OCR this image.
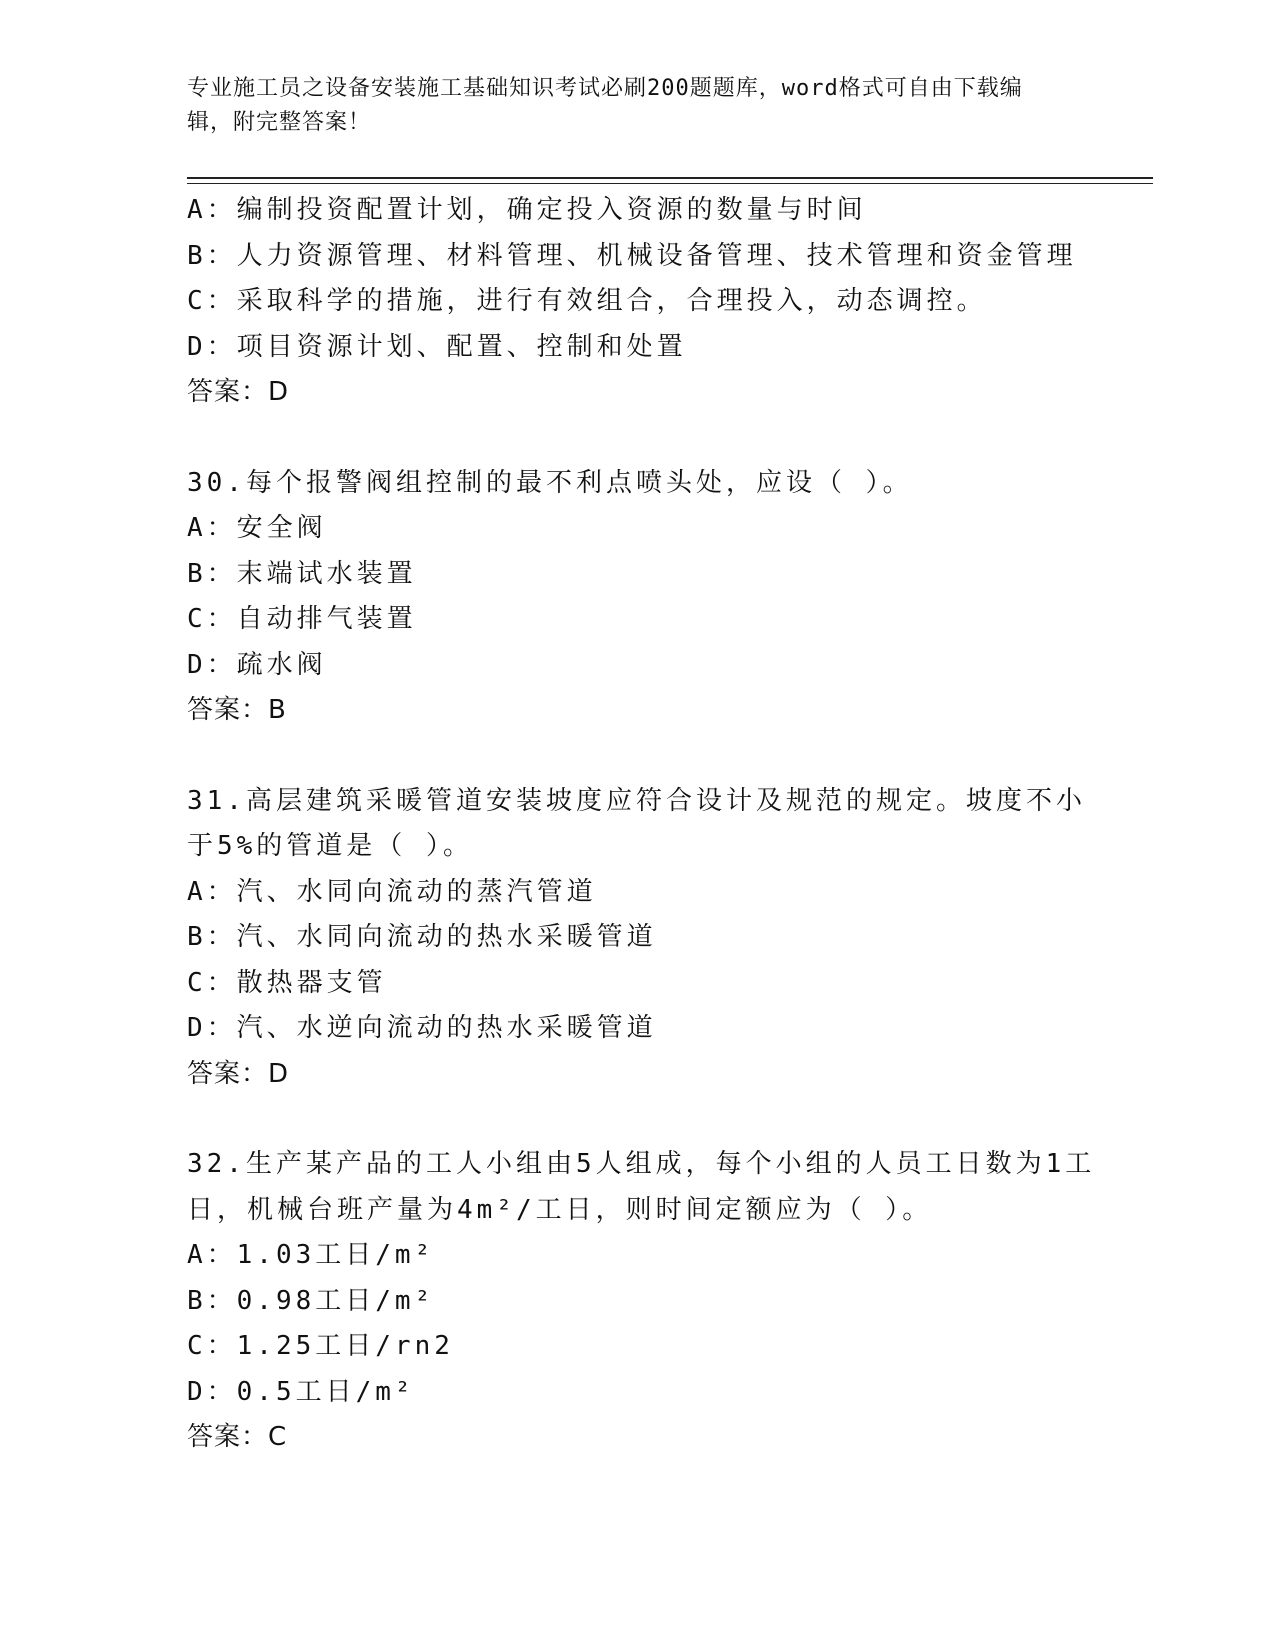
专业施工员之设备安装施工基础知识考试必刷200题题库，word格式可自由下载编辑，附完整答案！
A：编制投资配置计划，确定投入资源的数量与时间
B：人力资源管理、材料管理、机械设备管理、技术管理和资金管理
C：采取科学的措施，进行有效组合，合理投入，动态调控。
D：项目资源计划、配置、控制和处置
答案：D
30.每个报警阀组控制的最不利点喷头处，应设（ ）。
A：安全阀
B：末端试水装置
C：自动排气装置
D：疏水阀
答案：B
31.高层建筑采暖管道安装坡度应符合设计及规范的规定。坡度不小于5%的管道是（ ）。
A：汽、水同向流动的蒸汽管道
B：汽、水同向流动的热水采暖管道
C：散热器支管
D：汽、水逆向流动的热水采暖管道
答案：D
32.生产某产品的工人小组由5人组成，每个小组的人员工日数为1工日，机械台班产量为4m²/工日，则时间定额应为（ ）。
A：1.03工日/m²
B：0.98工日/m²
C：1.25工日/rn2
D：0.5工日/m²
答案：C
